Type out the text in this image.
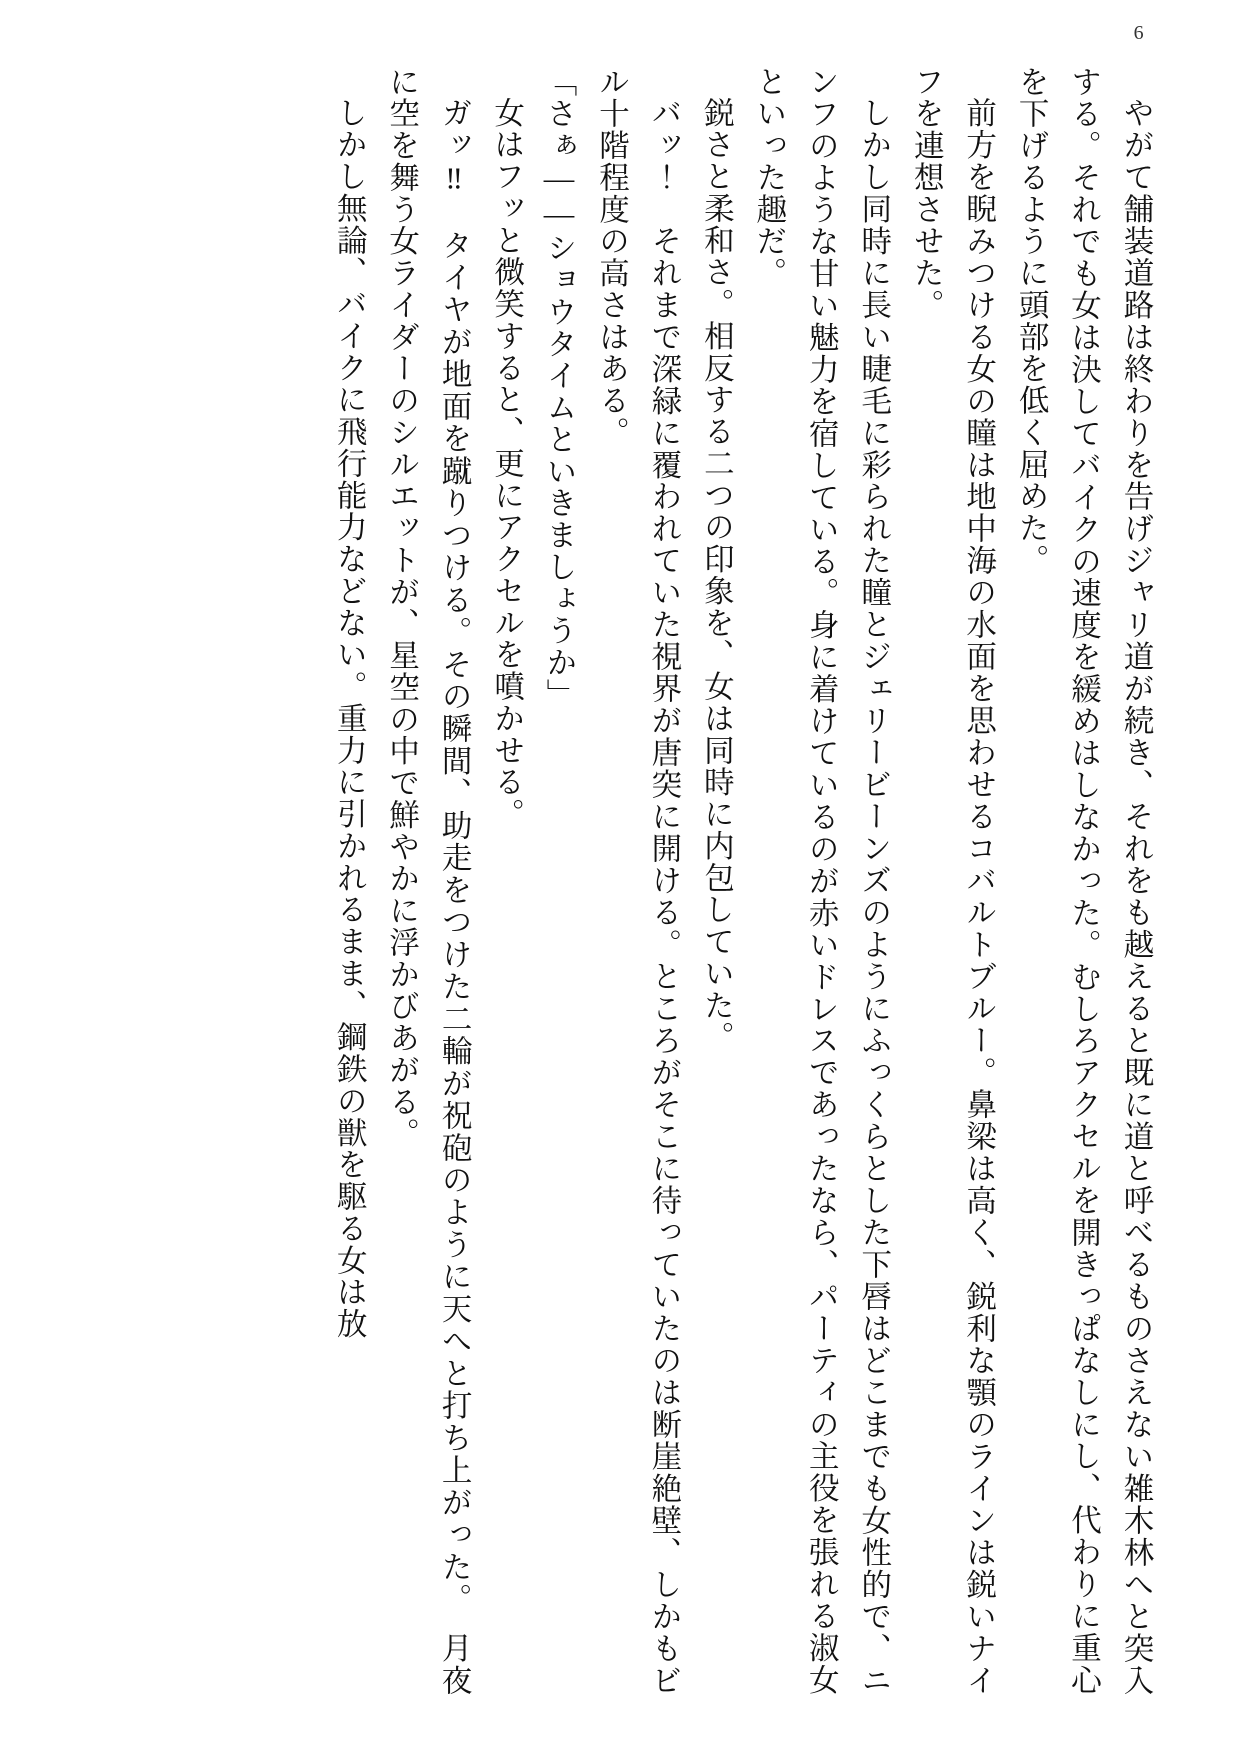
6

やがて舗装道路は終わりを告げジャリ道が続き、それをも越えると既に道と呼べるものさえない雑木林へと突入する。それでも女は決してバイクの速度を緩めはしなかった。むしろアクセルを開きっぱなしにし、代わりに重心を下げるように頭部を低く屈めた。

前方を睨みつける女の瞳は地中海の水面を思わせるコバルトブルー。鼻梁は高く、鋭利な顎のラインは鋭いナイフを連想させた。

しかし同時に長い睫毛に彩られた瞳とジェリービーンズのようにふっくらとした下唇はどこまでも女性的で、ニンフのような甘い魅力を宿している。身に着けているのが赤いドレスであったなら、パーティの主役を張れる淑女といった趣だ。

鋭さと柔和さ。相反する二つの印象を、女は同時に内包していた。

バッ！　それまで深緑に覆われていた視界が唐突に開ける。ところがそこに待っていたのは断崖絶壁、しかもビル十階程度の高さはある。

「さぁ――ショウタイムといきましょうか」

女はフッと微笑すると、更にアクセルを噴かせる。

ガッ‼　タイヤが地面を蹴りつける。その瞬間、助走をつけた二輪が祝砲のように天へと打ち上がった。　月夜に空を舞う女ライダーのシルエットが、星空の中で鮮やかに浮かびあがる。

しかし無論、バイクに飛行能力などない。重力に引かれるまま、鋼鉄の獣を駆る女は放
